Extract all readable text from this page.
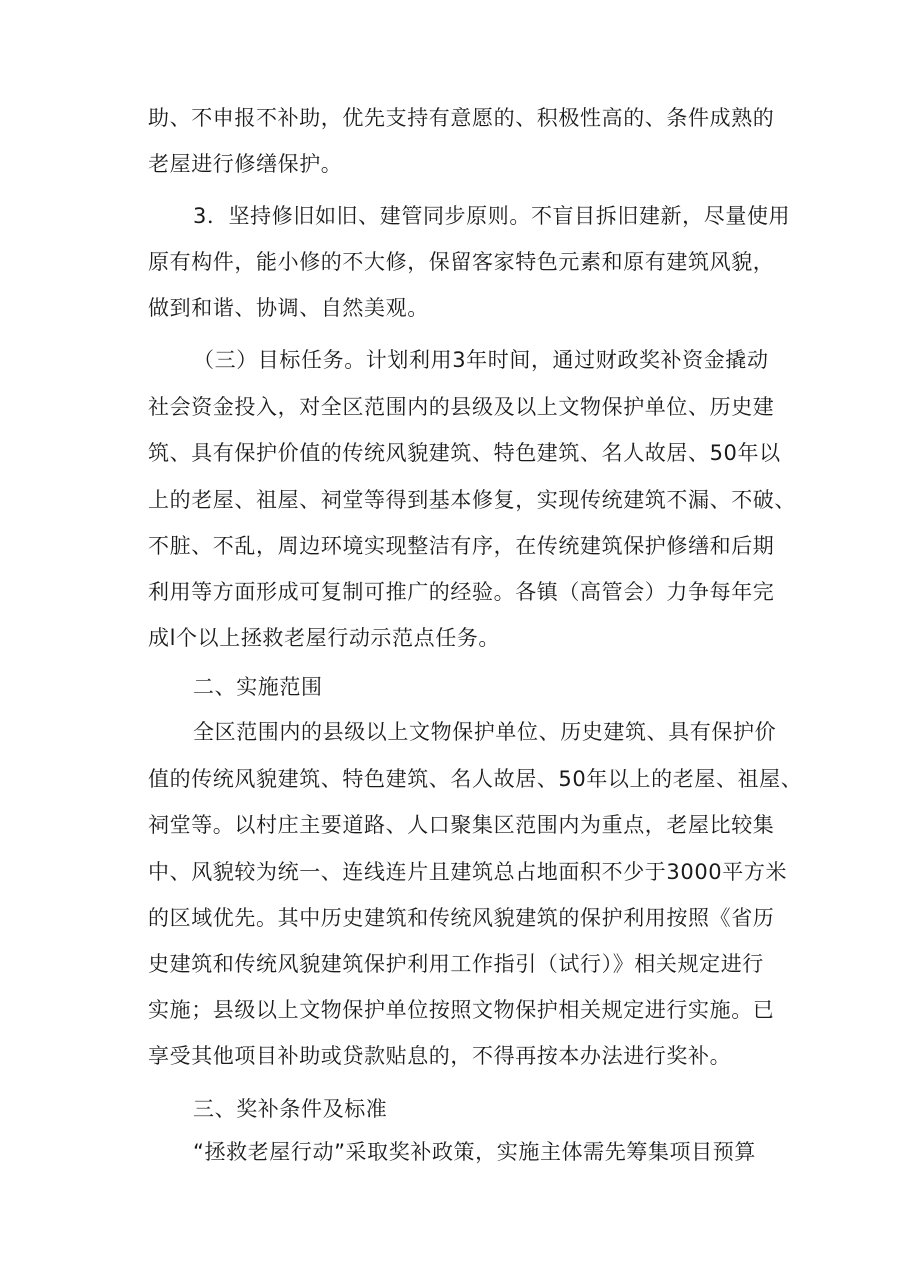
助、不申报不补助，优先支持有意愿的、积极性高的、条件成熟的
老屋进行修缮保护。
3．坚持修旧如旧、建管同步原则。不盲目拆旧建新，尽量使用
原有构件，能小修的不大修，保留客家特色元素和原有建筑风貌，
做到和谐、协调、自然美观。
（三）目标任务。计划利用3年时间，通过财政奖补资金撬动
社会资金投入，对全区范围内的县级及以上文物保护单位、历史建
筑、具有保护价值的传统风貌建筑、特色建筑、名人故居、50年以
上的老屋、祖屋、祠堂等得到基本修复，实现传统建筑不漏、不破、
不脏、不乱，周边环境实现整洁有序，在传统建筑保护修缮和后期
利用等方面形成可复制可推广的经验。各镇（高管会）力争每年完
成l个以上拯救老屋行动示范点任务。
二、实施范围
全区范围内的县级以上文物保护单位、历史建筑、具有保护价
值的传统风貌建筑、特色建筑、名人故居、50年以上的老屋、祖屋、
祠堂等。以村庄主要道路、人口聚集区范围内为重点，老屋比较集
中、风貌较为统一、连线连片且建筑总占地面积不少于3000平方米
的区域优先。其中历史建筑和传统风貌建筑的保护利用按照《省历
史建筑和传统风貌建筑保护利用工作指引（试行）》相关规定进行
实施；县级以上文物保护单位按照文物保护相关规定进行实施。已
享受其他项目补助或贷款贴息的，不得再按本办法进行奖补。
三、奖补条件及标准
“拯救老屋行动”采取奖补政策，实施主体需先筹集项目预算
